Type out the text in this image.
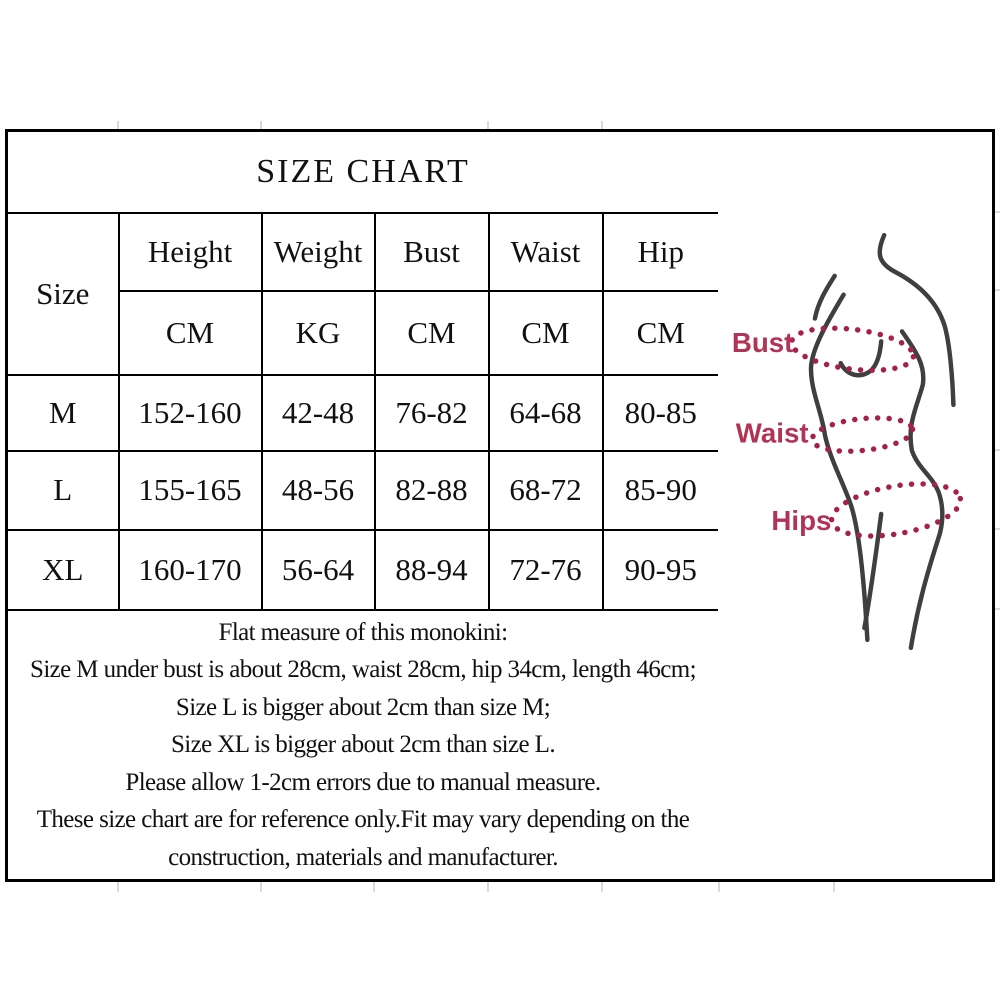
SIZE CHART					
Size	Height	Weight	Bust	Waist	Hip
	CM	KG	CM	CM	CM
M	152-160	42-48	76-82	64-68	80-85
L	155-165	48-56	82-88	68-72	85-90
XL	160-170	56-64	88-94	72-76	90-95

Flat measure of this monokini:
Size M under bust is about 28cm, waist 28cm, hip 34cm, length 46cm;
Size L is bigger about 2cm than size M;
Size XL is bigger about 2cm than size L.
Please allow 1-2cm errors due to manual measure.
These size chart are for reference only.Fit may vary depending on the
construction, materials and manufacturer.
Bust
Waist
Hips
